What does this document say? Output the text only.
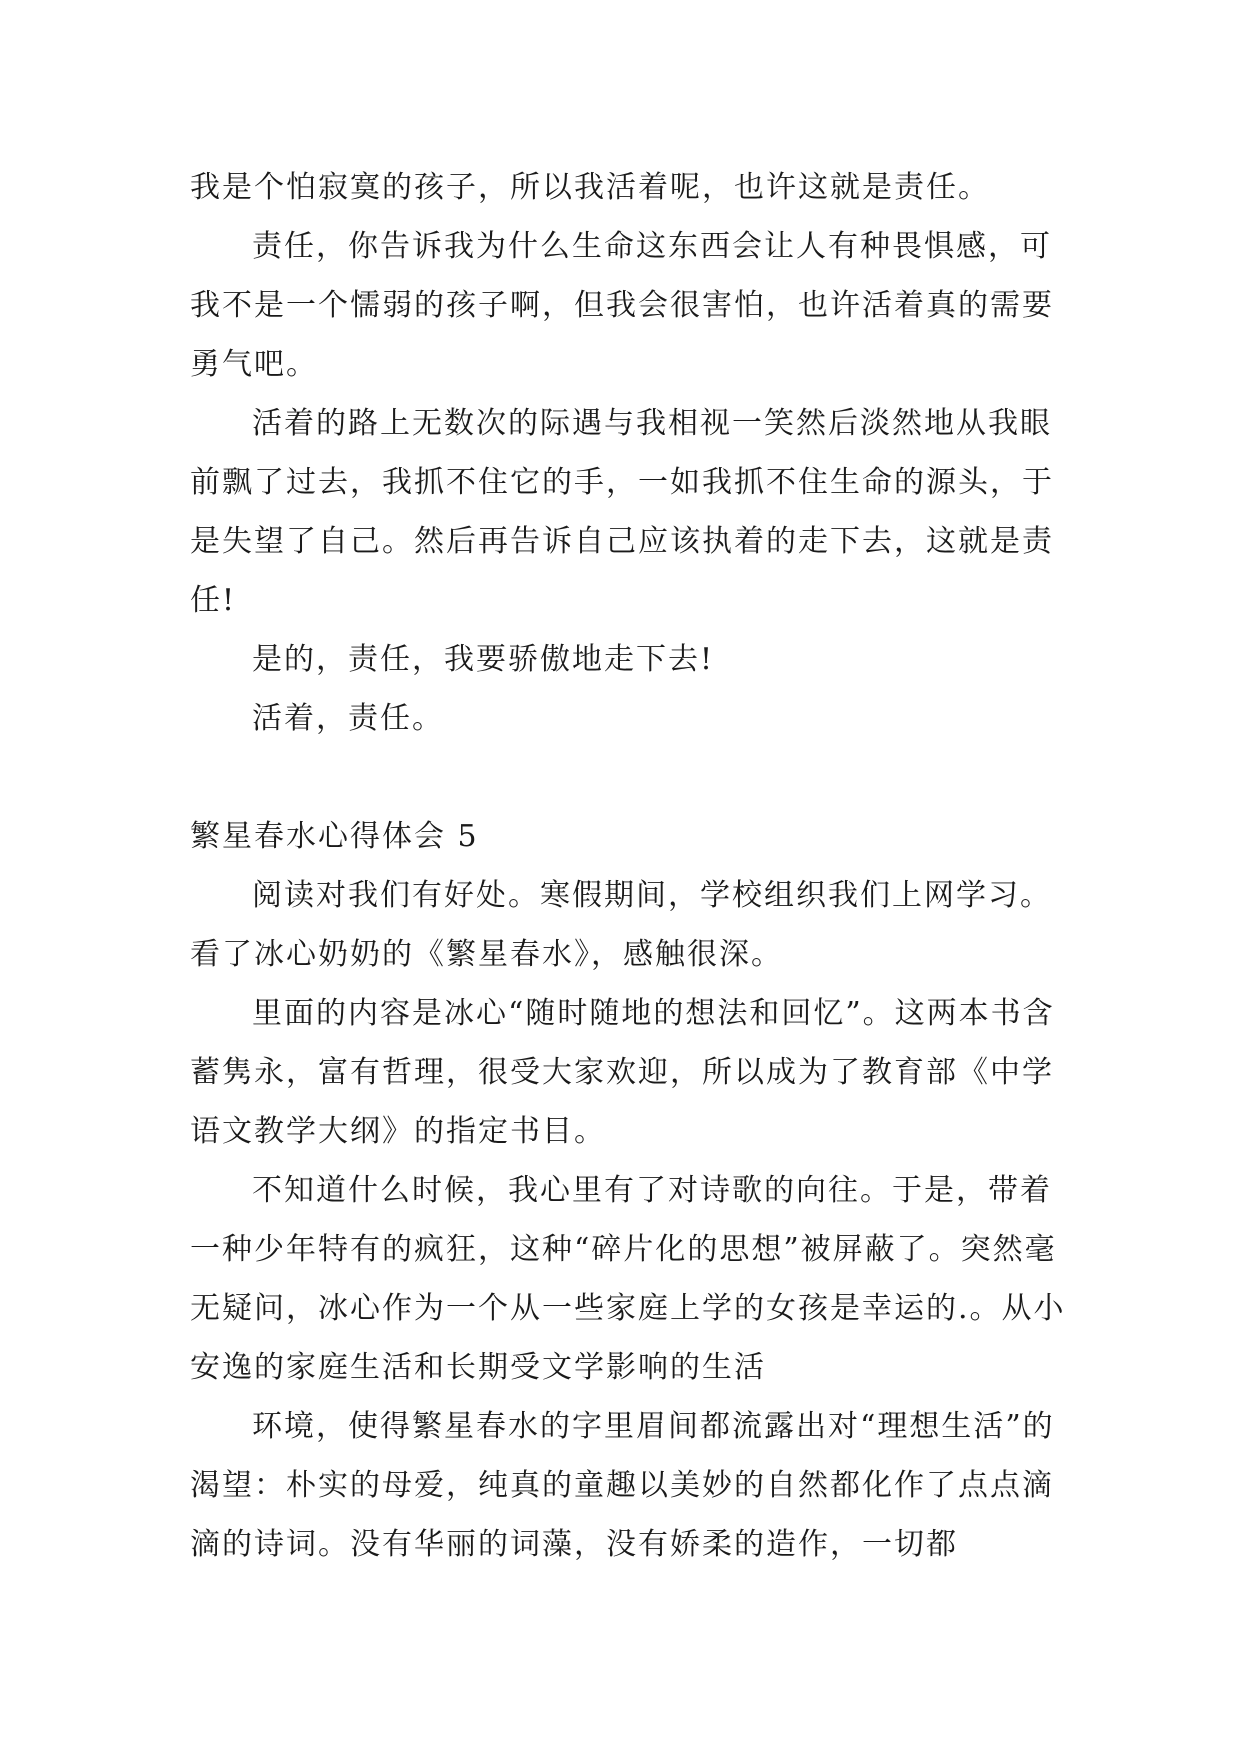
我是个怕寂寞的孩子，所以我活着呢，也许这就是责任。

责任，你告诉我为什么生命这东西会让人有种畏惧感，可我不是一个懦弱的孩子啊，但我会很害怕，也许活着真的需要勇气吧。

活着的路上无数次的际遇与我相视一笑然后淡然地从我眼前飘了过去，我抓不住它的手，一如我抓不住生命的源头，于是失望了自己。然后再告诉自己应该执着的走下去，这就是责任!

是的，责任，我要骄傲地走下去!

活着，责任。

繁星春水心得体会 5

阅读对我们有好处。寒假期间，学校组织我们上网学习。看了冰心奶奶的《繁星春水》，感触很深。

里面的内容是冰心“随时随地的想法和回忆”。这两本书含蓄隽永，富有哲理，很受大家欢迎，所以成为了教育部《中学语文教学大纲》的指定书目。

不知道什么时候，我心里有了对诗歌的向往。于是，带着一种少年特有的疯狂，这种“碎片化的思想”被屏蔽了。突然毫无疑问，冰心作为一个从一些家庭上学的女孩是幸运的.。从小安逸的家庭生活和长期受文学影响的生活

环境，使得繁星春水的字里眉间都流露出对“理想生活”的渴望：朴实的母爱，纯真的童趣以美妙的自然都化作了点点滴滴的诗词。没有华丽的词藻，没有娇柔的造作，一切都
